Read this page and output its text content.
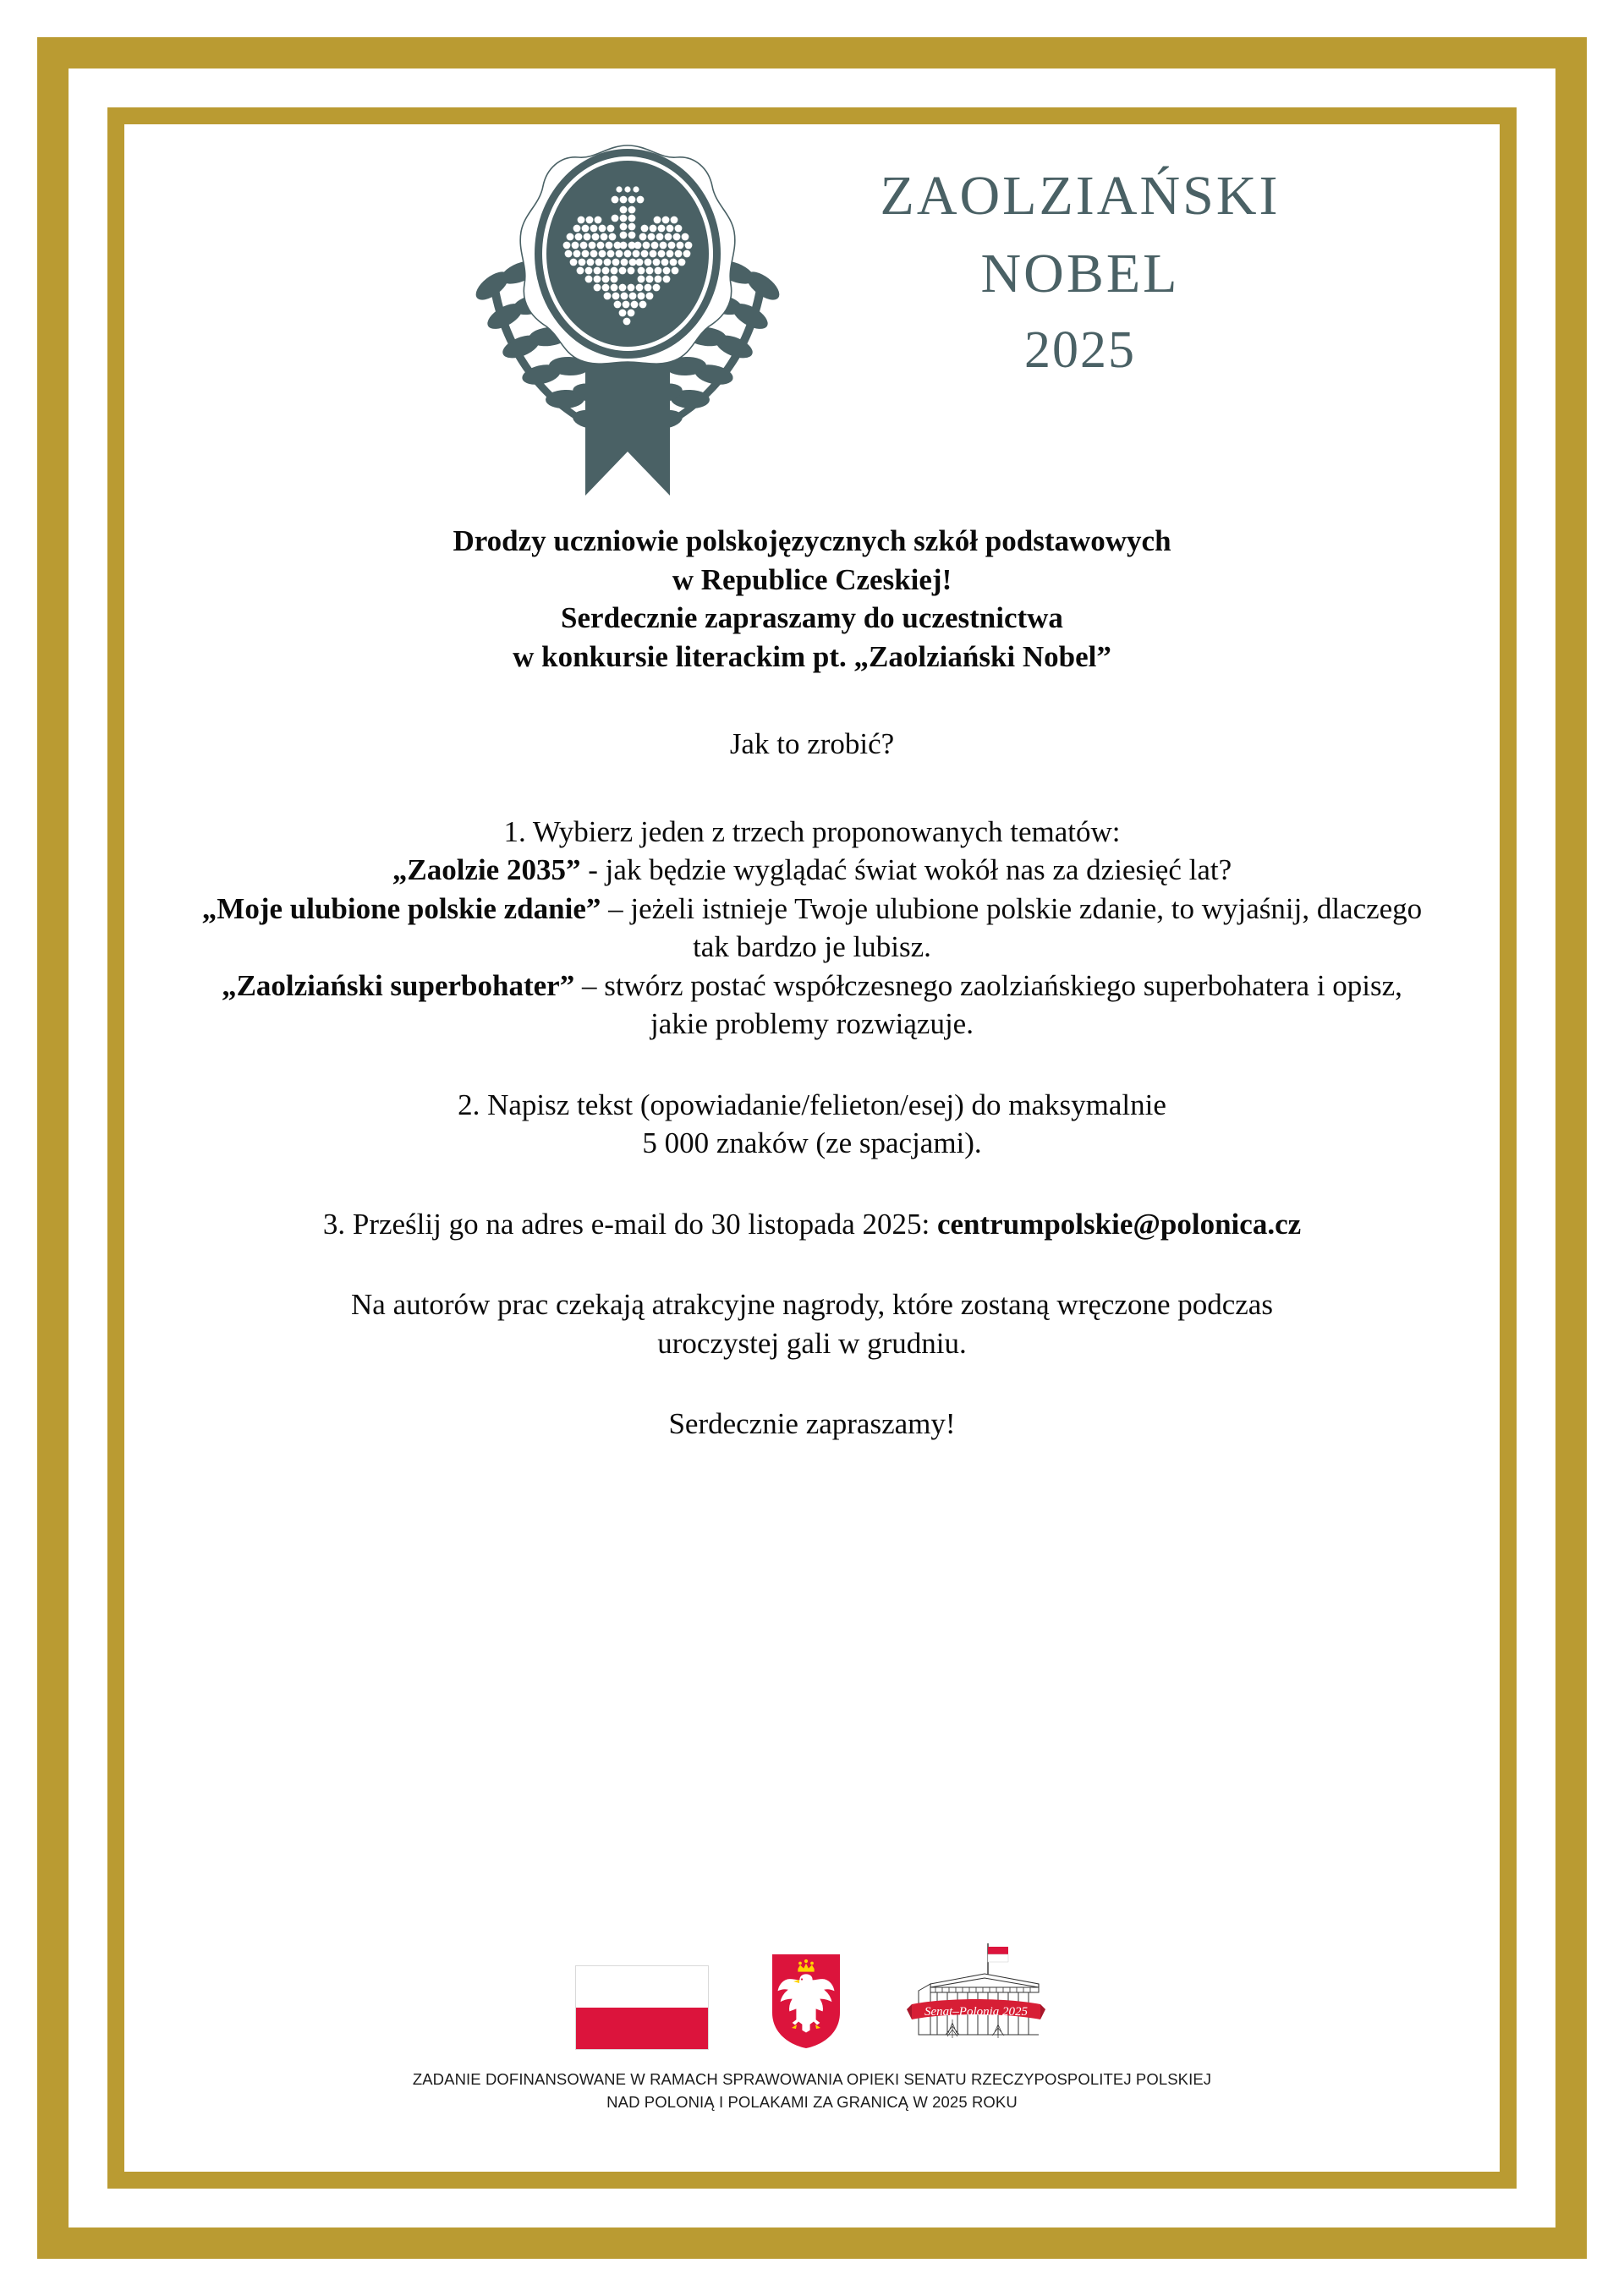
ZAOLZIAŃSKI
NOBEL
2025
Drodzy uczniowie polskojęzycznych szkół podstawowych
w Republice Czeskiej!
Serdecznie zapraszamy do uczestnictwa
w konkursie literackim pt. „Zaolziański Nobel”
Jak to zrobić?
1. Wybierz jeden z trzech proponowanych tematów:
„Zaolzie 2035” - jak będzie wyglądać świat wokół nas za dziesięć lat?
„Moje ulubione polskie zdanie” – jeżeli istnieje Twoje ulubione polskie zdanie, to wyjaśnij, dlaczego tak bardzo je lubisz.
„Zaolziański superbohater” – stwórz postać współczesnego zaolziańskiego superbohatera i opisz, jakie problemy rozwiązuje.
2. Napisz tekst (opowiadanie/felieton/esej) do maksymalnie
5 000 znaków (ze spacjami).
3. Prześlij go na adres e-mail do 30 listopada 2025: centrumpolskie@polonica.cz
Na autorów prac czekają atrakcyjne nagrody, które zostaną wręczone podczas
uroczystej gali w grudniu.
Serdecznie zapraszamy!
Senat–Polonia 2025
ZADANIE DOFINANSOWANE W RAMACH SPRAWOWANIA OPIEKI SENATU RZECZYPOSPOLITEJ POLSKIEJ
NAD POLONIĄ I POLAKAMI ZA GRANICĄ W 2025 ROKU
